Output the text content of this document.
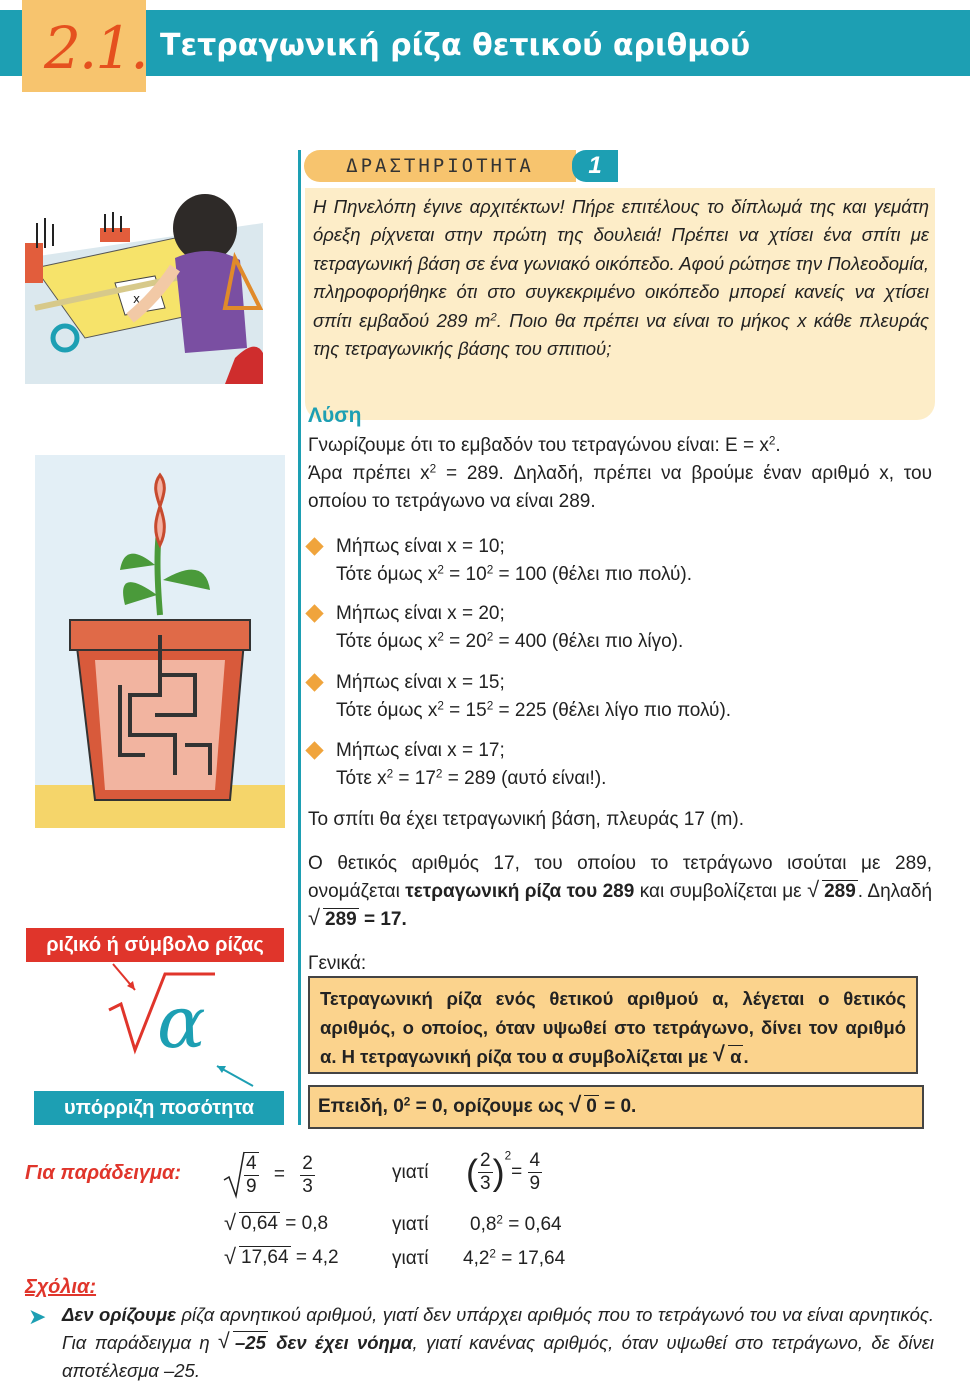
2.1. Τετραγωνική ρίζα θετικού αριθμού
x
ΔΡΑΣΤΗΡΙΟΤΗΤΑ	1

Η Πηνελόπη έγινε αρχιτέκτων! Πήρε επιτέλους το δίπλωμά της και γεμάτη όρεξη ρίχνεται στην πρώτη της δουλειά! Πρέπει να χτίσει ένα σπίτι με τετραγωνική βάση σε ένα γωνιακό οικόπεδο. Αφού ρώτησε την Πολεοδομία, πληροφορήθηκε ότι στο συγκεκριμένο οικόπεδο μπορεί κανείς να χτίσει σπίτι εμβαδού 289 $m^2$. Ποιο θα πρέπει να είναι το μήκος x κάθε πλευράς της τετραγωνικής βάσης του σπιτιού;

Λύση
Γνωρίζουμε ότι το εμβαδόν του τετραγώνου είναι: $E = x^2$.
Άρα πρέπει $x^2 = 289$. Δηλαδή, πρέπει να βρούμε έναν αριθμό x, του οποίου το τετράγωνο να είναι 289.
Μήπως είναι x = 10;
Τότε όμως $x^2 = 10^2 = 100$ (θέλει πιο πολύ).
Μήπως είναι x = 20;
Τότε όμως $x^2 = 20^2 = 400$ (θέλει πιο λίγο).
Μήπως είναι x = 15;
Τότε όμως $x^2 = 15^2 = 225$ (θέλει λίγο πιο πολύ).
Μήπως είναι x = 17;
Τότε $x^2 = 17^2 = 289$ (αυτό είναι!).
Το σπίτι θα έχει τετραγωνική βάση, πλευράς 17 (m).
Ο θετικός αριθμός 17, του οποίου το τετράγωνο ισούται με 289, ονομάζεται τετραγωνική ρίζα του 289 και συμβολίζεται με √ 289 . Δηλαδή √ 289 = 17.
Γενικά:

Τετραγωνική ρίζα ενός θετικού αριθμού α, λέγεται ο θετικός αριθμός, ο οποίος, όταν υψωθεί στο τετράγωνο, δίνει τον αριθμό α. Η τετραγωνική ρίζα του α συμβολίζεται με √ α .

Επειδή, $0^2 = 0$, ορίζουμε ως √ 0 = 0.

ριζικό ή σύμβολο ρίζας
α
υπόρριζη ποσότητα
Για παράδειγμα:	$\frac{4}{9} = \frac{2}{3}$	γιατί ( $\frac{2}{3} )^2= \frac{4}{9}$
√ 0,64 = 0,8	γιατί $0,8^2 = 0,64$
√ 17,64 = 4,2	γιατί $4,2^2 = 17,64$
Σχόλια:
➤ Δεν ορίζουμε ρίζα αρνητικού αριθμού, γιατί δεν υπάρχει αριθμός που το τετράγωνό του να είναι αρνητικός. Για παράδειγμα η √ –25 δεν έχει νόημα, γιατί κανένας αριθμός, όταν υψωθεί στο τετράγωνο, δε δίνει αποτέλεσμα –25.
